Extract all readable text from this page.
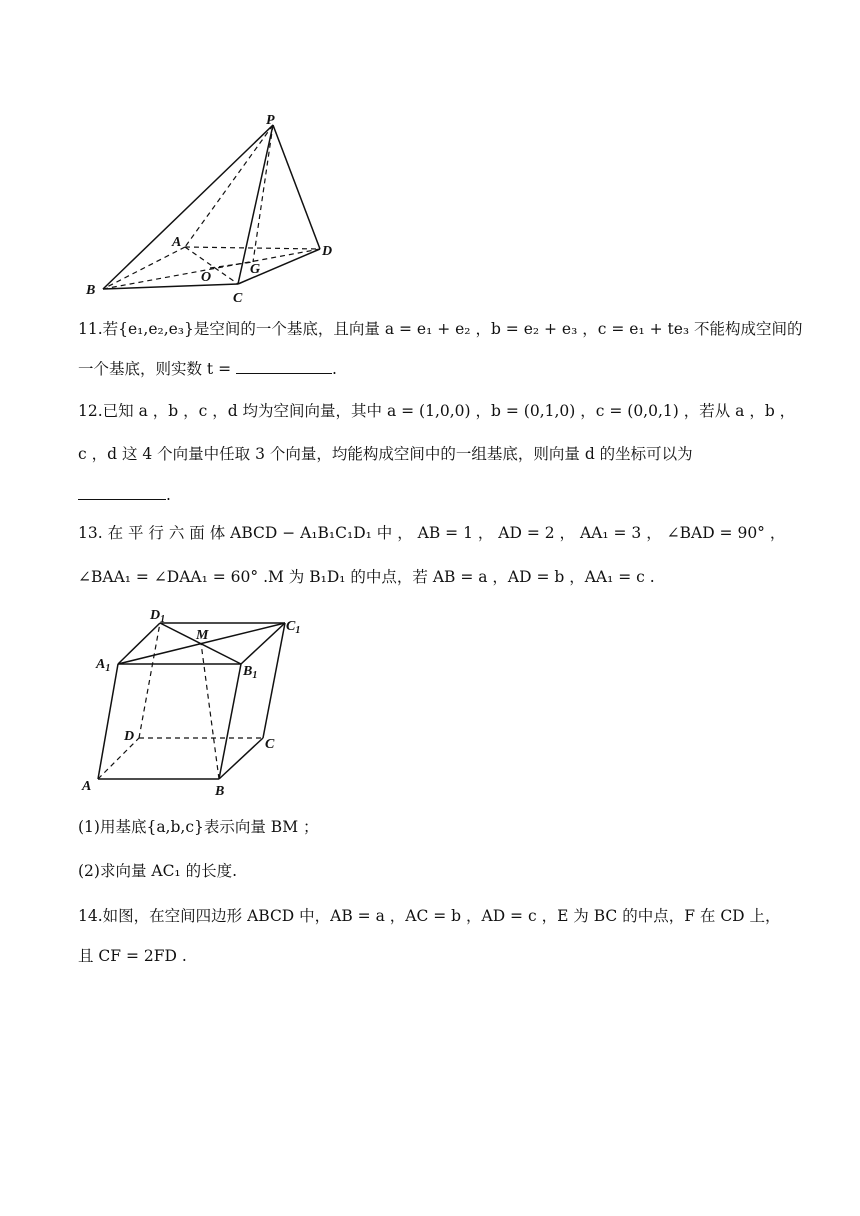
P
A
D
G
O
B
C
11.若{e₁,e₂,e₃}是空间的一个基底，且向量 a = e₁ + e₂ ，b = e₂ + e₃ ，c = e₁ + te₃ 不能构成空间的
一个基底，则实数 t =	.
12.已知 a ，b ，c ，d 均为空间向量，其中 a = (1,0,0) ，b = (0,1,0) ，c = (0,0,1) ，若从 a ，b ，
c ，d 这 4 个向量中任取 3 个向量，均能构成空间中的一组基底，则向量 d 的坐标可以为
.
13. 在 平 行 六 面 体 ABCD − A₁B₁C₁D₁ 中 ， AB = 1 ， AD = 2 ， AA₁ = 3 ， ∠BAD = 90° ，
∠BAA₁ = ∠DAA₁ = 60° .M 为 B₁D₁ 的中点，若 AB = a ，AD = b ，AA₁ = c .
$D_1$
M
$C_1$
$A_1$	$B_1$
D
C
A	B
(1)用基底{a,b,c}表示向量 BM ；
(2)求向量 AC₁ 的长度.
14.如图，在空间四边形 ABCD 中，AB = a ，AC = b ，AD = c ，E 为 BC 的中点，F 在 CD 上，
且 CF = 2FD .
